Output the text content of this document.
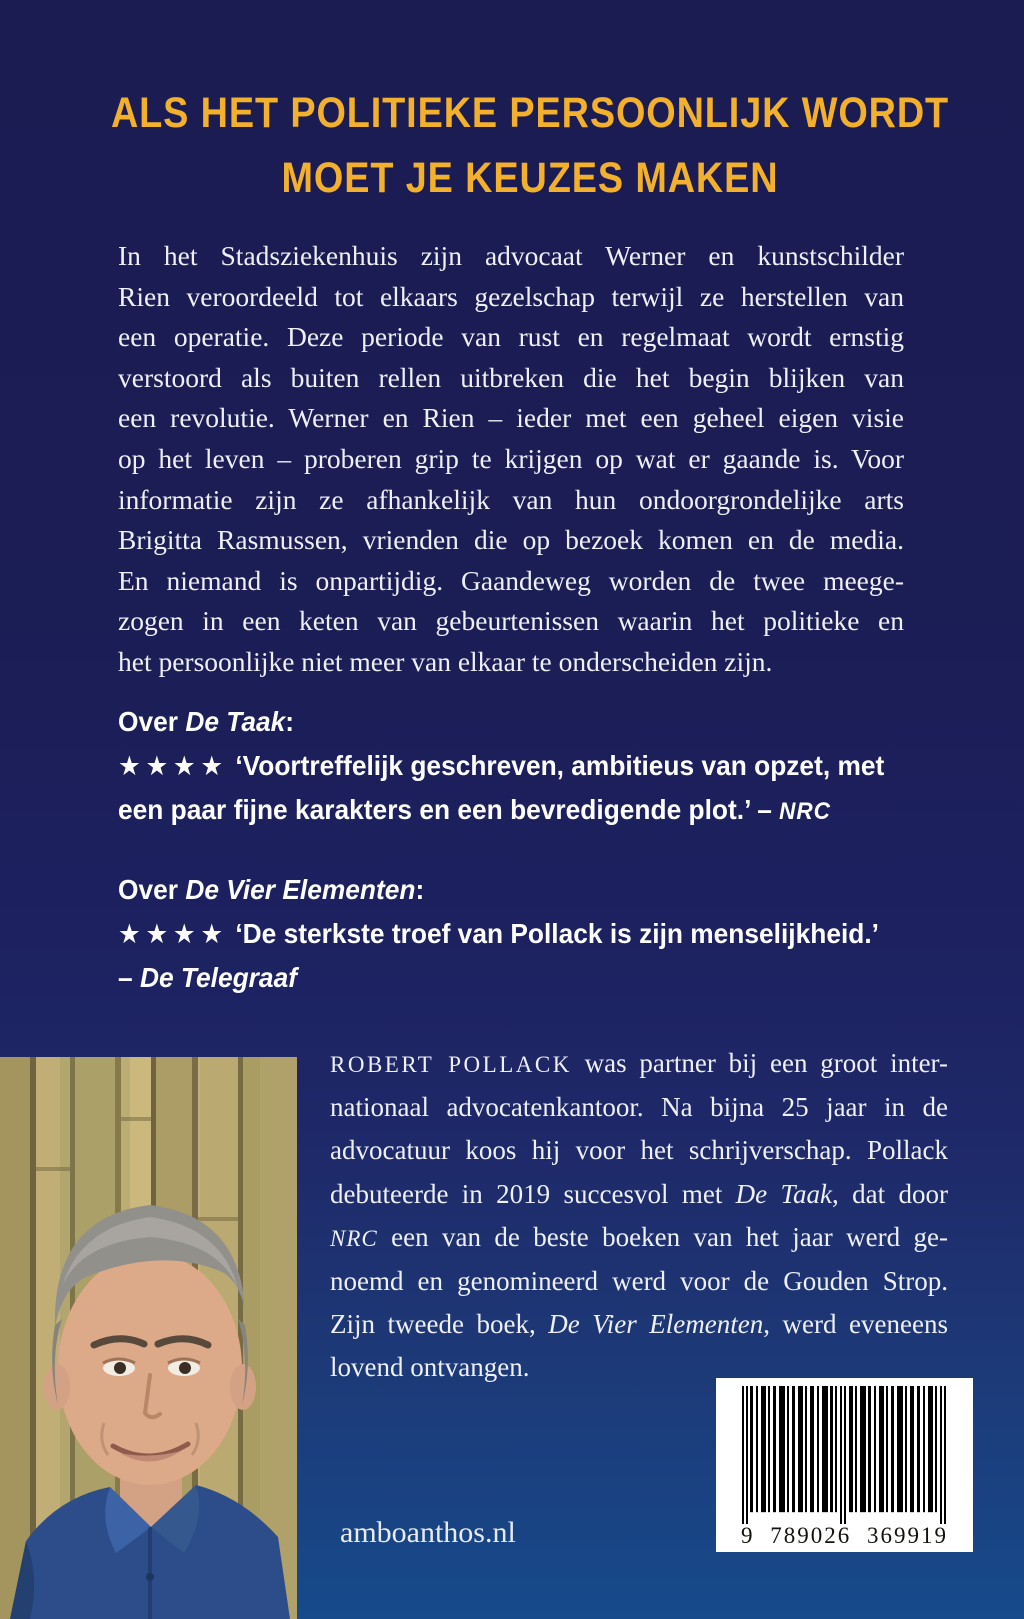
ALS HET POLITIEKE PERSOONLIJK WORDT
MOET JE KEUZES MAKEN
In het Stadsziekenhuis zijn advocaat Werner en kunstschilder
Rien veroordeeld tot elkaars gezelschap terwijl ze herstellen van
een operatie. Deze periode van rust en regelmaat wordt ernstig
verstoord als buiten rellen uitbreken die het begin blijken van
een revolutie. Werner en Rien – ieder met een geheel eigen visie
op het leven – proberen grip te krijgen op wat er gaande is. Voor
informatie zijn ze afhankelijk van hun ondoorgrondelijke arts
Brigitta Rasmussen, vrienden die op bezoek komen en de media.
En niemand is onpartijdig. Gaandeweg worden de twee meege-
zogen in een keten van gebeurtenissen waarin het politieke en
het persoonlijke niet meer van elkaar te onderscheiden zijn.
Over De Taak:
★★★★ ‘Voortreffelijk geschreven, ambitieus van opzet, met
een paar fijne karakters en een bevredigende plot.’ – NRC
Over De Vier Elementen:
★★★★ ‘De sterkste troef van Pollack is zijn menselijkheid.’
– De Telegraaf
ROBERT POLLACK was partner bij een groot inter-
nationaal advocatenkantoor. Na bijna 25 jaar in de
advocatuur koos hij voor het schrijverschap. Pollack
debuteerde in 2019 succesvol met De Taak, dat door
NRC een van de beste boeken van het jaar werd ge-
noemd en genomineerd werd voor de Gouden Strop.
Zijn tweede boek, De Vier Elementen, werd eveneens
lovend ontvangen.
amboanthos.nl	9 789026 369919
